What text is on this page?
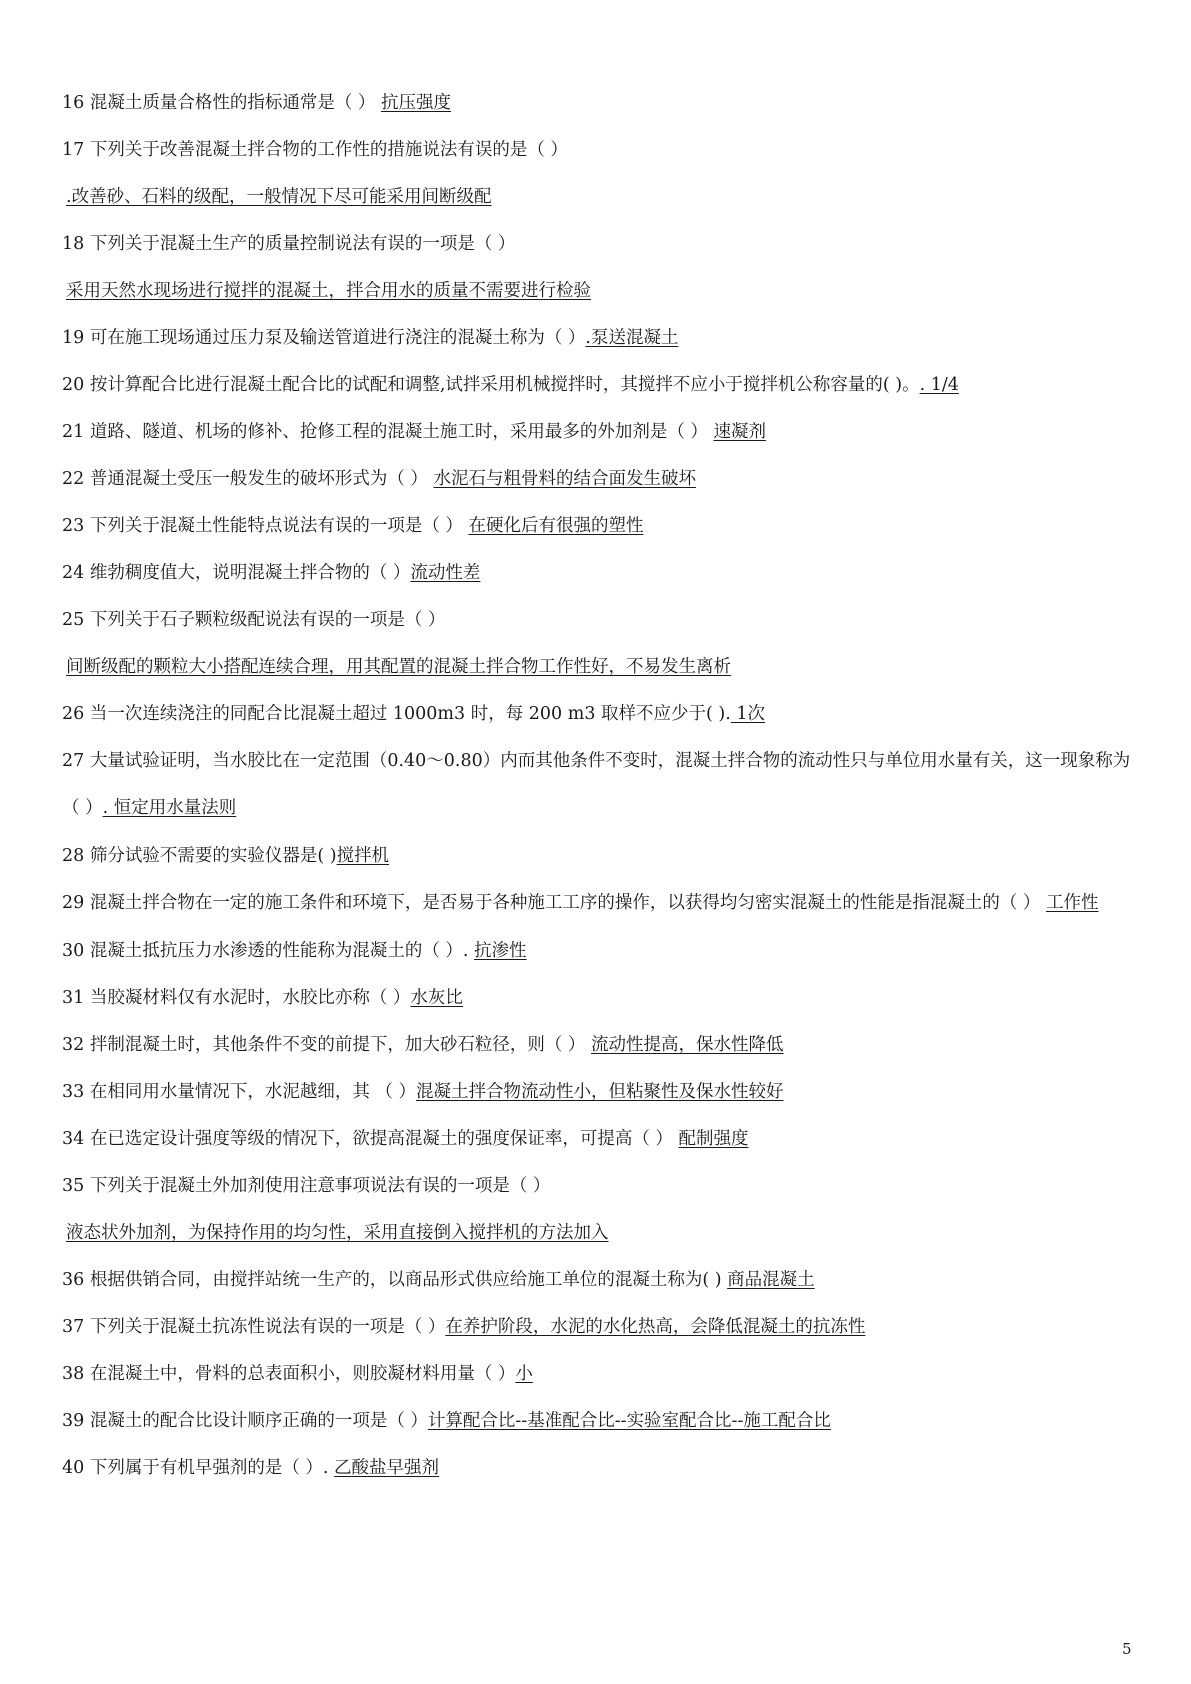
16 混凝土质量合格性的指标通常是（ ） 抗压强度
17 下列关于改善混凝土拌合物的工作性的措施说法有误的是（ ）
.改善砂、石料的级配，一般情况下尽可能采用间断级配
18 下列关于混凝土生产的质量控制说法有误的一项是（ ）
采用天然水现场进行搅拌的混凝土，拌合用水的质量不需要进行检验
19 可在施工现场通过压力泵及输送管道进行浇注的混凝土称为（ ）.泵送混凝土
20 按计算配合比进行混凝土配合比的试配和调整,试拌采用机械搅拌时，其搅拌不应小于搅拌机公称容量的( )。. 1/4
21 道路、隧道、机场的修补、抢修工程的混凝土施工时，采用最多的外加剂是（ ） 速凝剂
22 普通混凝土受压一般发生的破坏形式为（ ） 水泥石与粗骨料的结合面发生破坏
23 下列关于混凝土性能特点说法有误的一项是（ ） 在硬化后有很强的塑性
24 维勃稠度值大，说明混凝土拌合物的（ ）流动性差
25 下列关于石子颗粒级配说法有误的一项是（ ）
间断级配的颗粒大小搭配连续合理，用其配置的混凝土拌合物工作性好，不易发生离析
26 当一次连续浇注的同配合比混凝土超过 1000m3 时，每 200 m3 取样不应少于( ). 1次
27 大量试验证明，当水胶比在一定范围（0.40～0.80）内而其他条件不变时，混凝土拌合物的流动性只与单位用水量有关，这一现象称为（ ）. 恒定用水量法则
28 筛分试验不需要的实验仪器是( )搅拌机
29 混凝土拌合物在一定的施工条件和环境下，是否易于各种施工工序的操作，以获得均匀密实混凝土的性能是指混凝土的（ ） 工作性
30 混凝土抵抗压力水渗透的性能称为混凝土的（ ）. 抗渗性
31 当胶凝材料仅有水泥时，水胶比亦称（ ）水灰比
32 拌制混凝土时，其他条件不变的前提下，加大砂石粒径，则（ ） 流动性提高，保水性降低
33 在相同用水量情况下，水泥越细，其 （ ）混凝土拌合物流动性小，但粘聚性及保水性较好
34 在已选定设计强度等级的情况下，欲提高混凝土的强度保证率，可提高（ ） 配制强度
35 下列关于混凝土外加剂使用注意事项说法有误的一项是（ ）
液态状外加剂，为保持作用的均匀性，采用直接倒入搅拌机的方法加入
36 根据供销合同，由搅拌站统一生产的，以商品形式供应给施工单位的混凝土称为( ) 商品混凝土
37 下列关于混凝土抗冻性说法有误的一项是（ ）在养护阶段，水泥的水化热高，会降低混凝土的抗冻性
38 在混凝土中，骨料的总表面积小，则胶凝材料用量（ ）小
39 混凝土的配合比设计顺序正确的一项是（ ）计算配合比--基准配合比--实验室配合比--施工配合比
40 下列属于有机早强剂的是（ ）. 乙酸盐早强剂
5
